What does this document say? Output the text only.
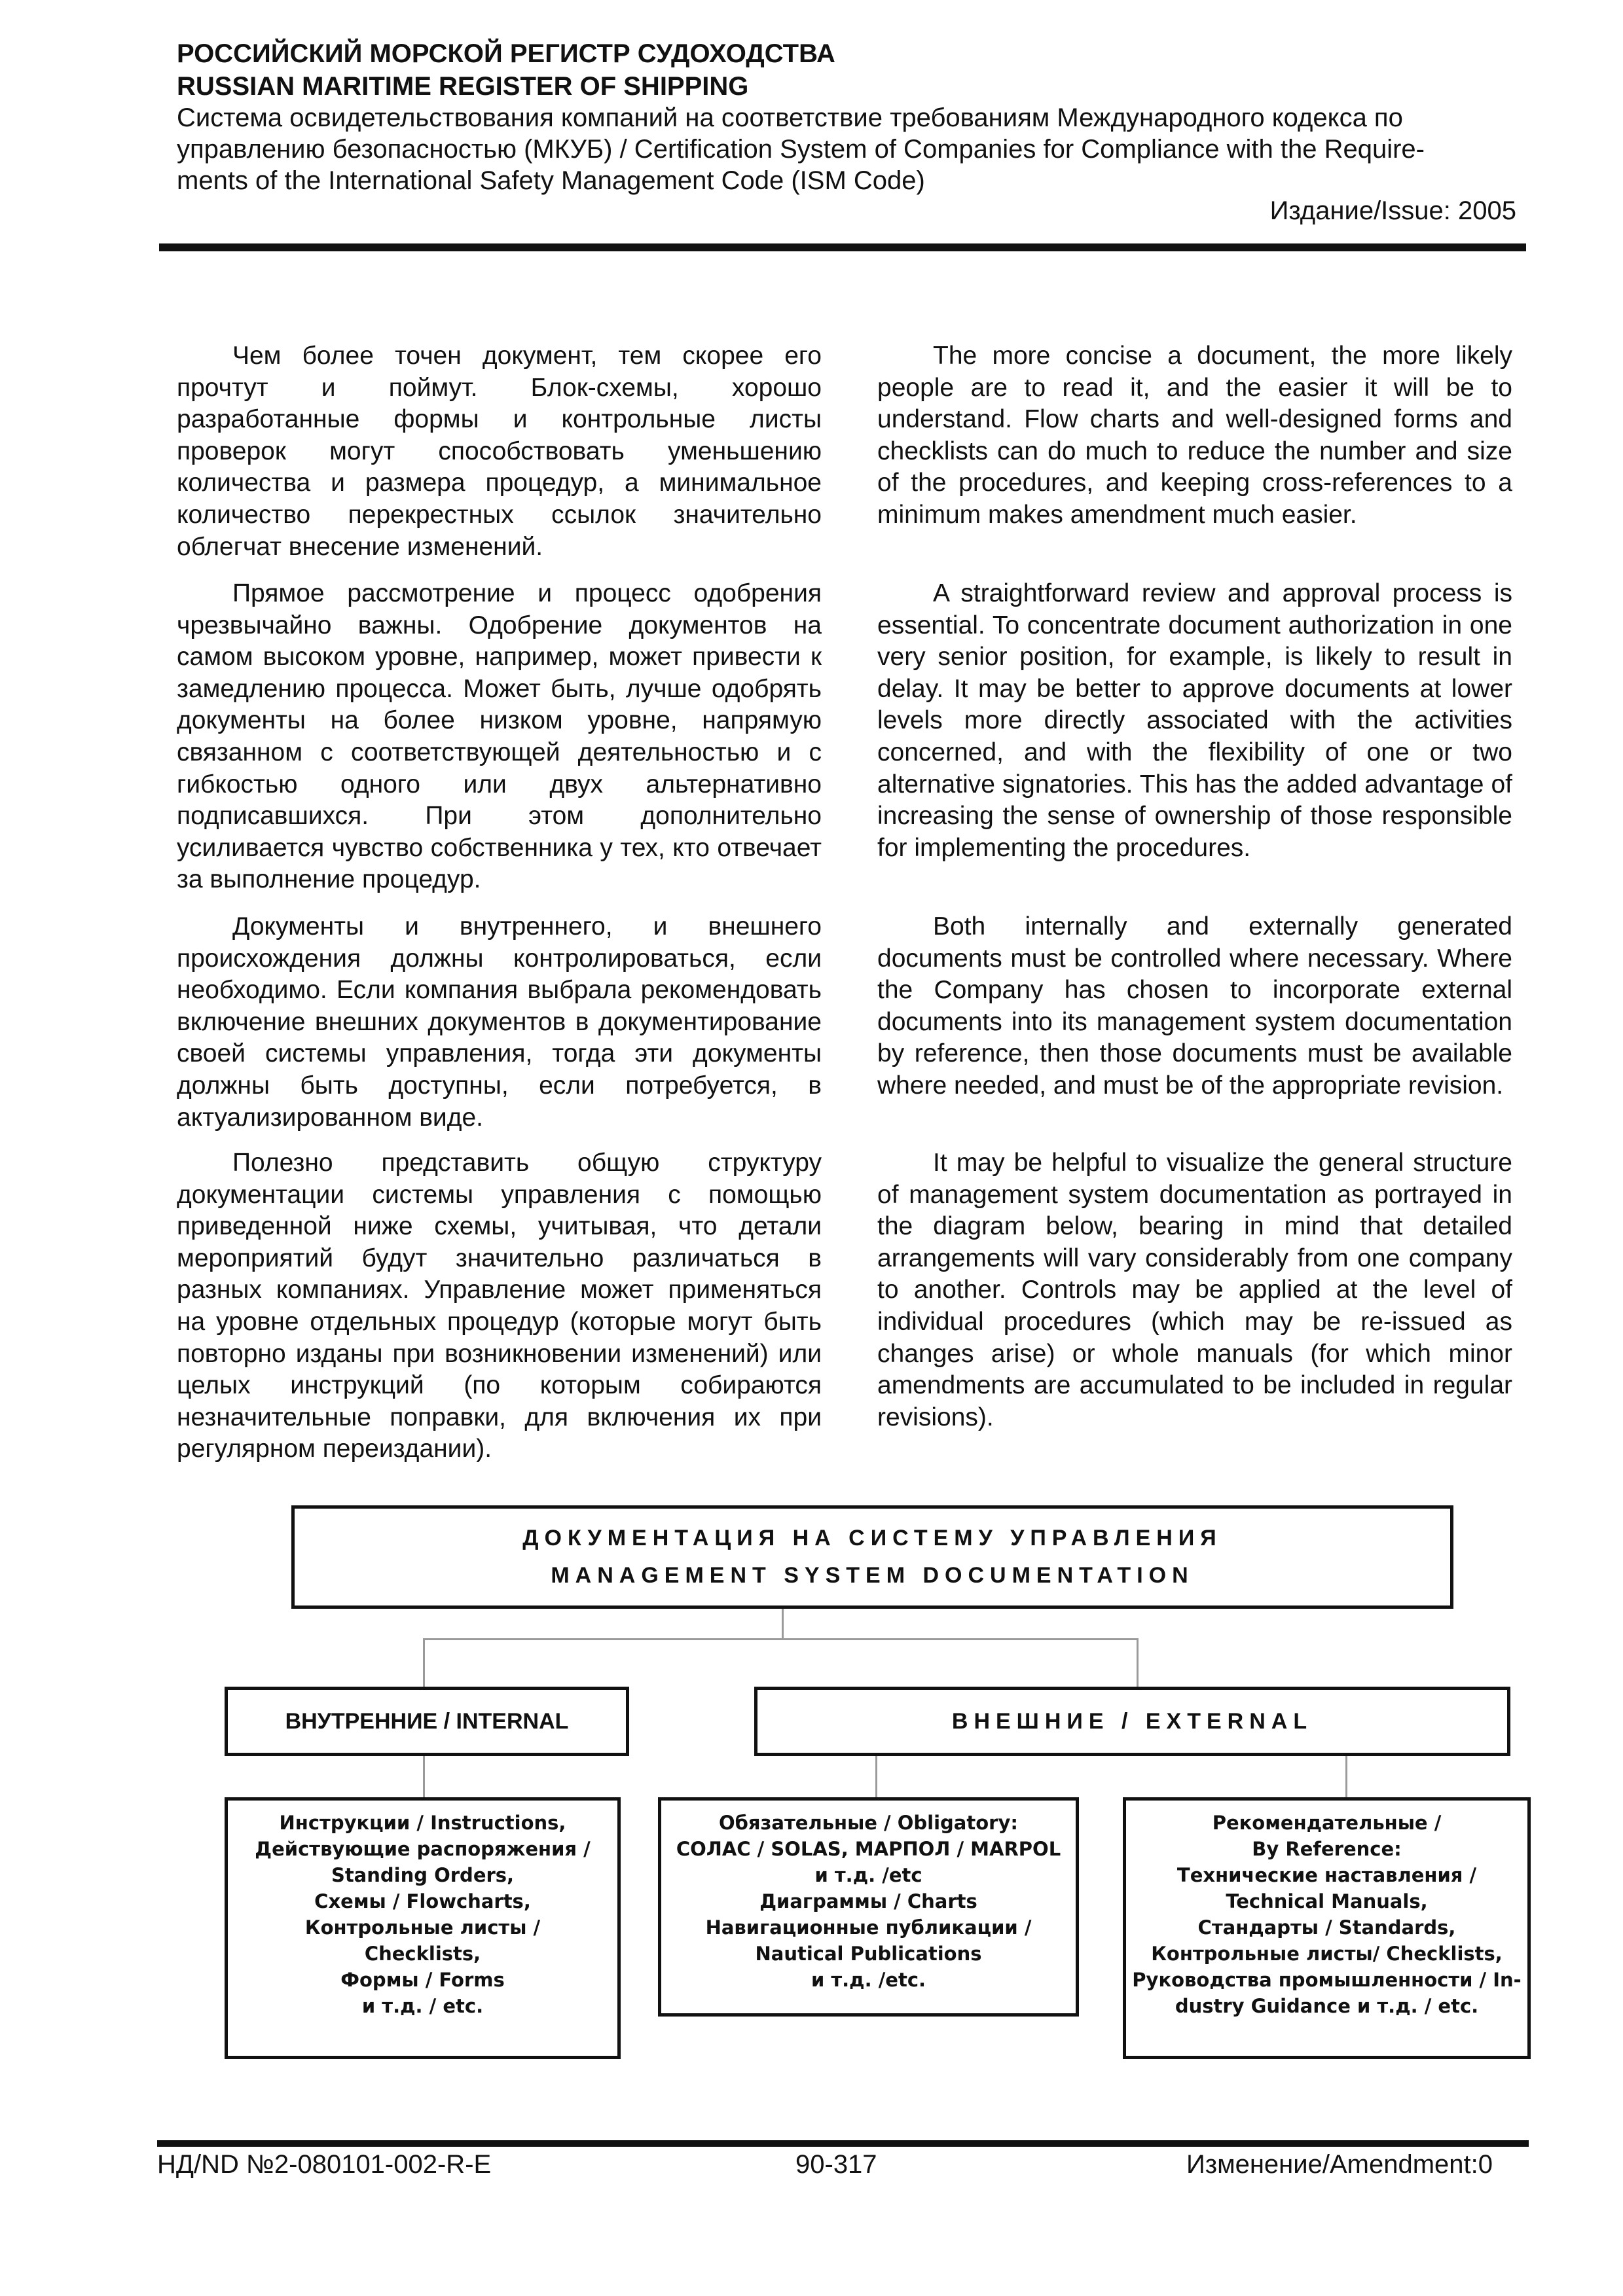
РОССИЙСКИЙ МОРСКОЙ РЕГИСТР СУДОХОДСТВА
RUSSIAN MARITIME REGISTER OF SHIPPING
Система освидетельствования компаний на соответствие требованиям Международного кодекса по
управлению безопасностью (МКУБ) / Certification System of Companies for Compliance with the Require-
ments of the International Safety Management Code (ISM Code)
Издание/Issue: 2005

Чем более точен документ, тем скорее его прочтут и поймут. Блок-схемы, хорошо разработанные формы и контрольные листы проверок могут способствовать уменьшению количества и размера процедур, а минимальное количество перекрестных ссылок значительно облегчат внесение изменений.

Прямое рассмотрение и процесс одобрения чрезвычайно важны. Одобрение документов на самом высоком уровне, например, может привести к замедлению процесса. Может быть, лучше одобрять документы на более низком уровне, напрямую связанном с соответствующей деятельностью и с гибкостью одного или двух альтернативно подписавшихся. При этом дополнительно усиливается чувство собственника у тех, кто отвечает за выполнение процедур.

Документы и внутреннего, и внешнего происхождения должны контролироваться, если необходимо. Если компания выбрала рекомендовать включение внешних документов в документирование своей системы управления, тогда эти документы должны быть доступны, если потребуется, в актуализированном виде.

Полезно представить общую структуру документации системы управления с помощью приведенной ниже схемы, учитывая, что детали мероприятий будут значительно различаться в разных компаниях. Управление может применяться на уровне отдельных процедур (которые могут быть повторно изданы при возникновении изменений) или целых инструкций (по которым собираются незначительные поправки, для включения их при регулярном переиздании).

The more concise a document, the more likely people are to read it, and the easier it will be to understand. Flow charts and well-designed forms and checklists can do much to reduce the number and size of the procedures, and keeping cross-references to a minimum makes amendment much easier.

A straightforward review and approval process is essential. To concentrate document authorization in one very senior position, for example, is likely to result in delay. It may be better to approve documents at lower levels more directly associated with the activities concerned, and with the flexibility of one or two alternative signatories. This has the added advantage of increasing the sense of ownership of those responsible for implementing the procedures.

Both internally and externally generated documents must be controlled where necessary. Where the Company has chosen to incorporate external documents into its management system documentation by reference, then those documents must be available where needed, and must be of the appropriate revision.

It may be helpful to visualize the general structure of management system documentation as portrayed in the diagram below, bearing in mind that detailed arrangements will vary considerably from one company to another. Controls may be applied at the level of individual procedures (which may be re-issued as changes arise) or whole manuals (for which minor amendments are accumulated to be included in regular revisions).

ДОКУМЕНТАЦИЯ НА СИСТЕМУ УПРАВЛЕНИЯ
MANAGEMENT SYSTEM DOCUMENTATION
ВНУТРЕННИЕ / INTERNAL	ВНЕШНИЕ / EXTERNAL
Инструкции / Instructions,
Действующие распоряжения /
Standing Orders,
Схемы / Flowcharts,
Контрольные листы /
Checklists,
Формы / Forms
и т.д. / etc.
Обязательные / Obligatory:
СОЛАС / SOLAS, МАРПОЛ / MARPOL
и т.д. /etc
Диаграммы / Charts
Навигационные публикации /
Nautical Publications
и т.д. /etc.
Рекомендательные /
By Reference:
Технические наставления /
Technical Manuals,
Стандарты / Standards,
Контрольные листы/ Checklists,
Руководства промышленности / In-
dustry Guidance и т.д. / etc.
НД/ND №2-080101-002-R-E	90-317	Изменение/Amendment:0
